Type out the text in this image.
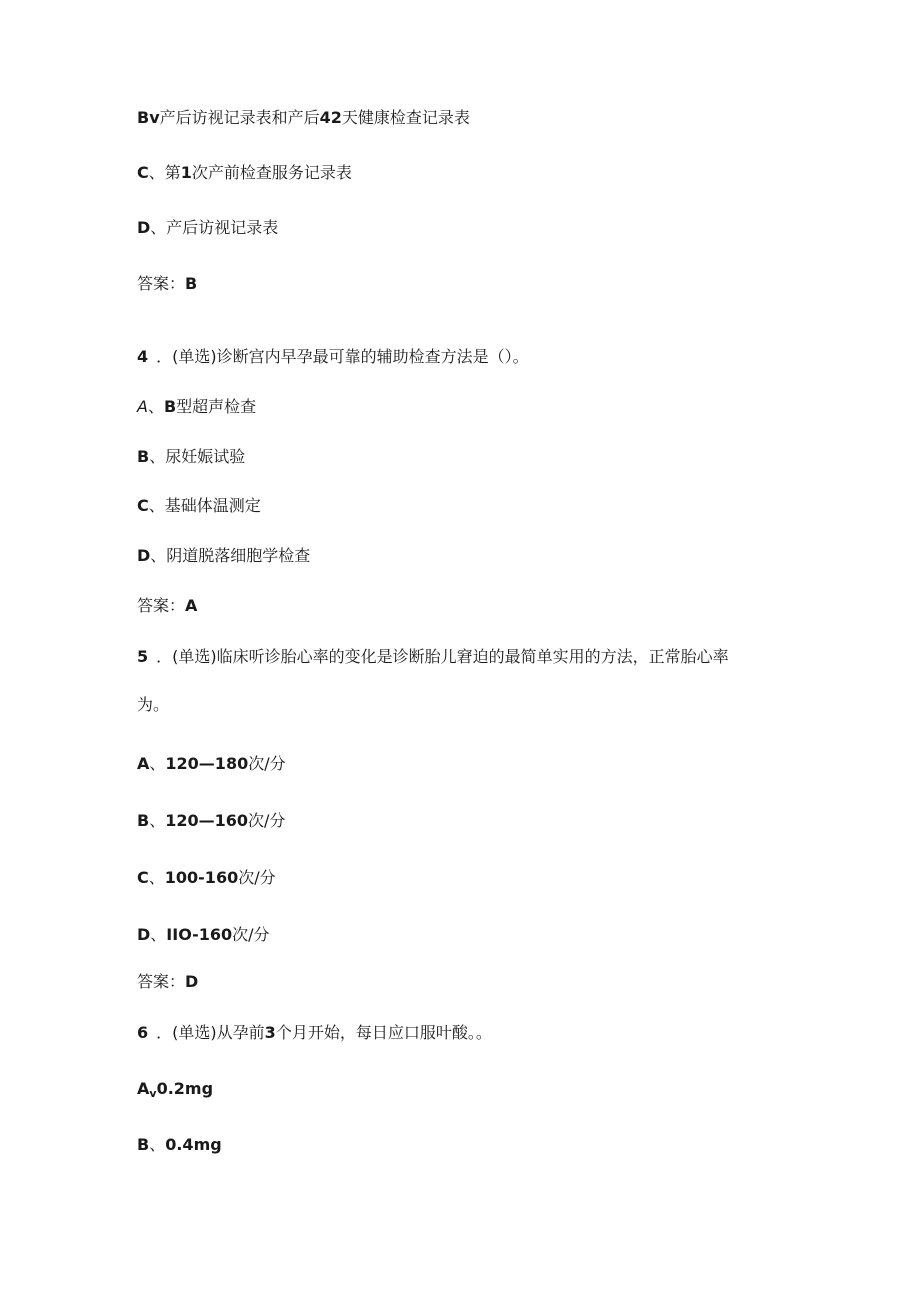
Bv产后访视记录表和产后42天健康检查记录表

C、第1次产前检查服务记录表

D、产后访视记录表

答案：B

4 ．(单选)诊断宫内早孕最可靠的辅助检查方法是（）。

A、B型超声检查

B、尿妊娠试验

C、基础体温测定

D、阴道脱落细胞学检查

答案：A

5 ．(单选)临床听诊胎心率的变化是诊断胎儿窘迫的最简单实用的方法，正常胎心率

为。

A、120—180次/分

B、120—160次/分

C、100-160次/分

D、IIO-160次/分

答案：D

6 ．(单选)从孕前3个月开始，每日应口服叶酸。。

$A_v0.2mg$

B、0.4mg
